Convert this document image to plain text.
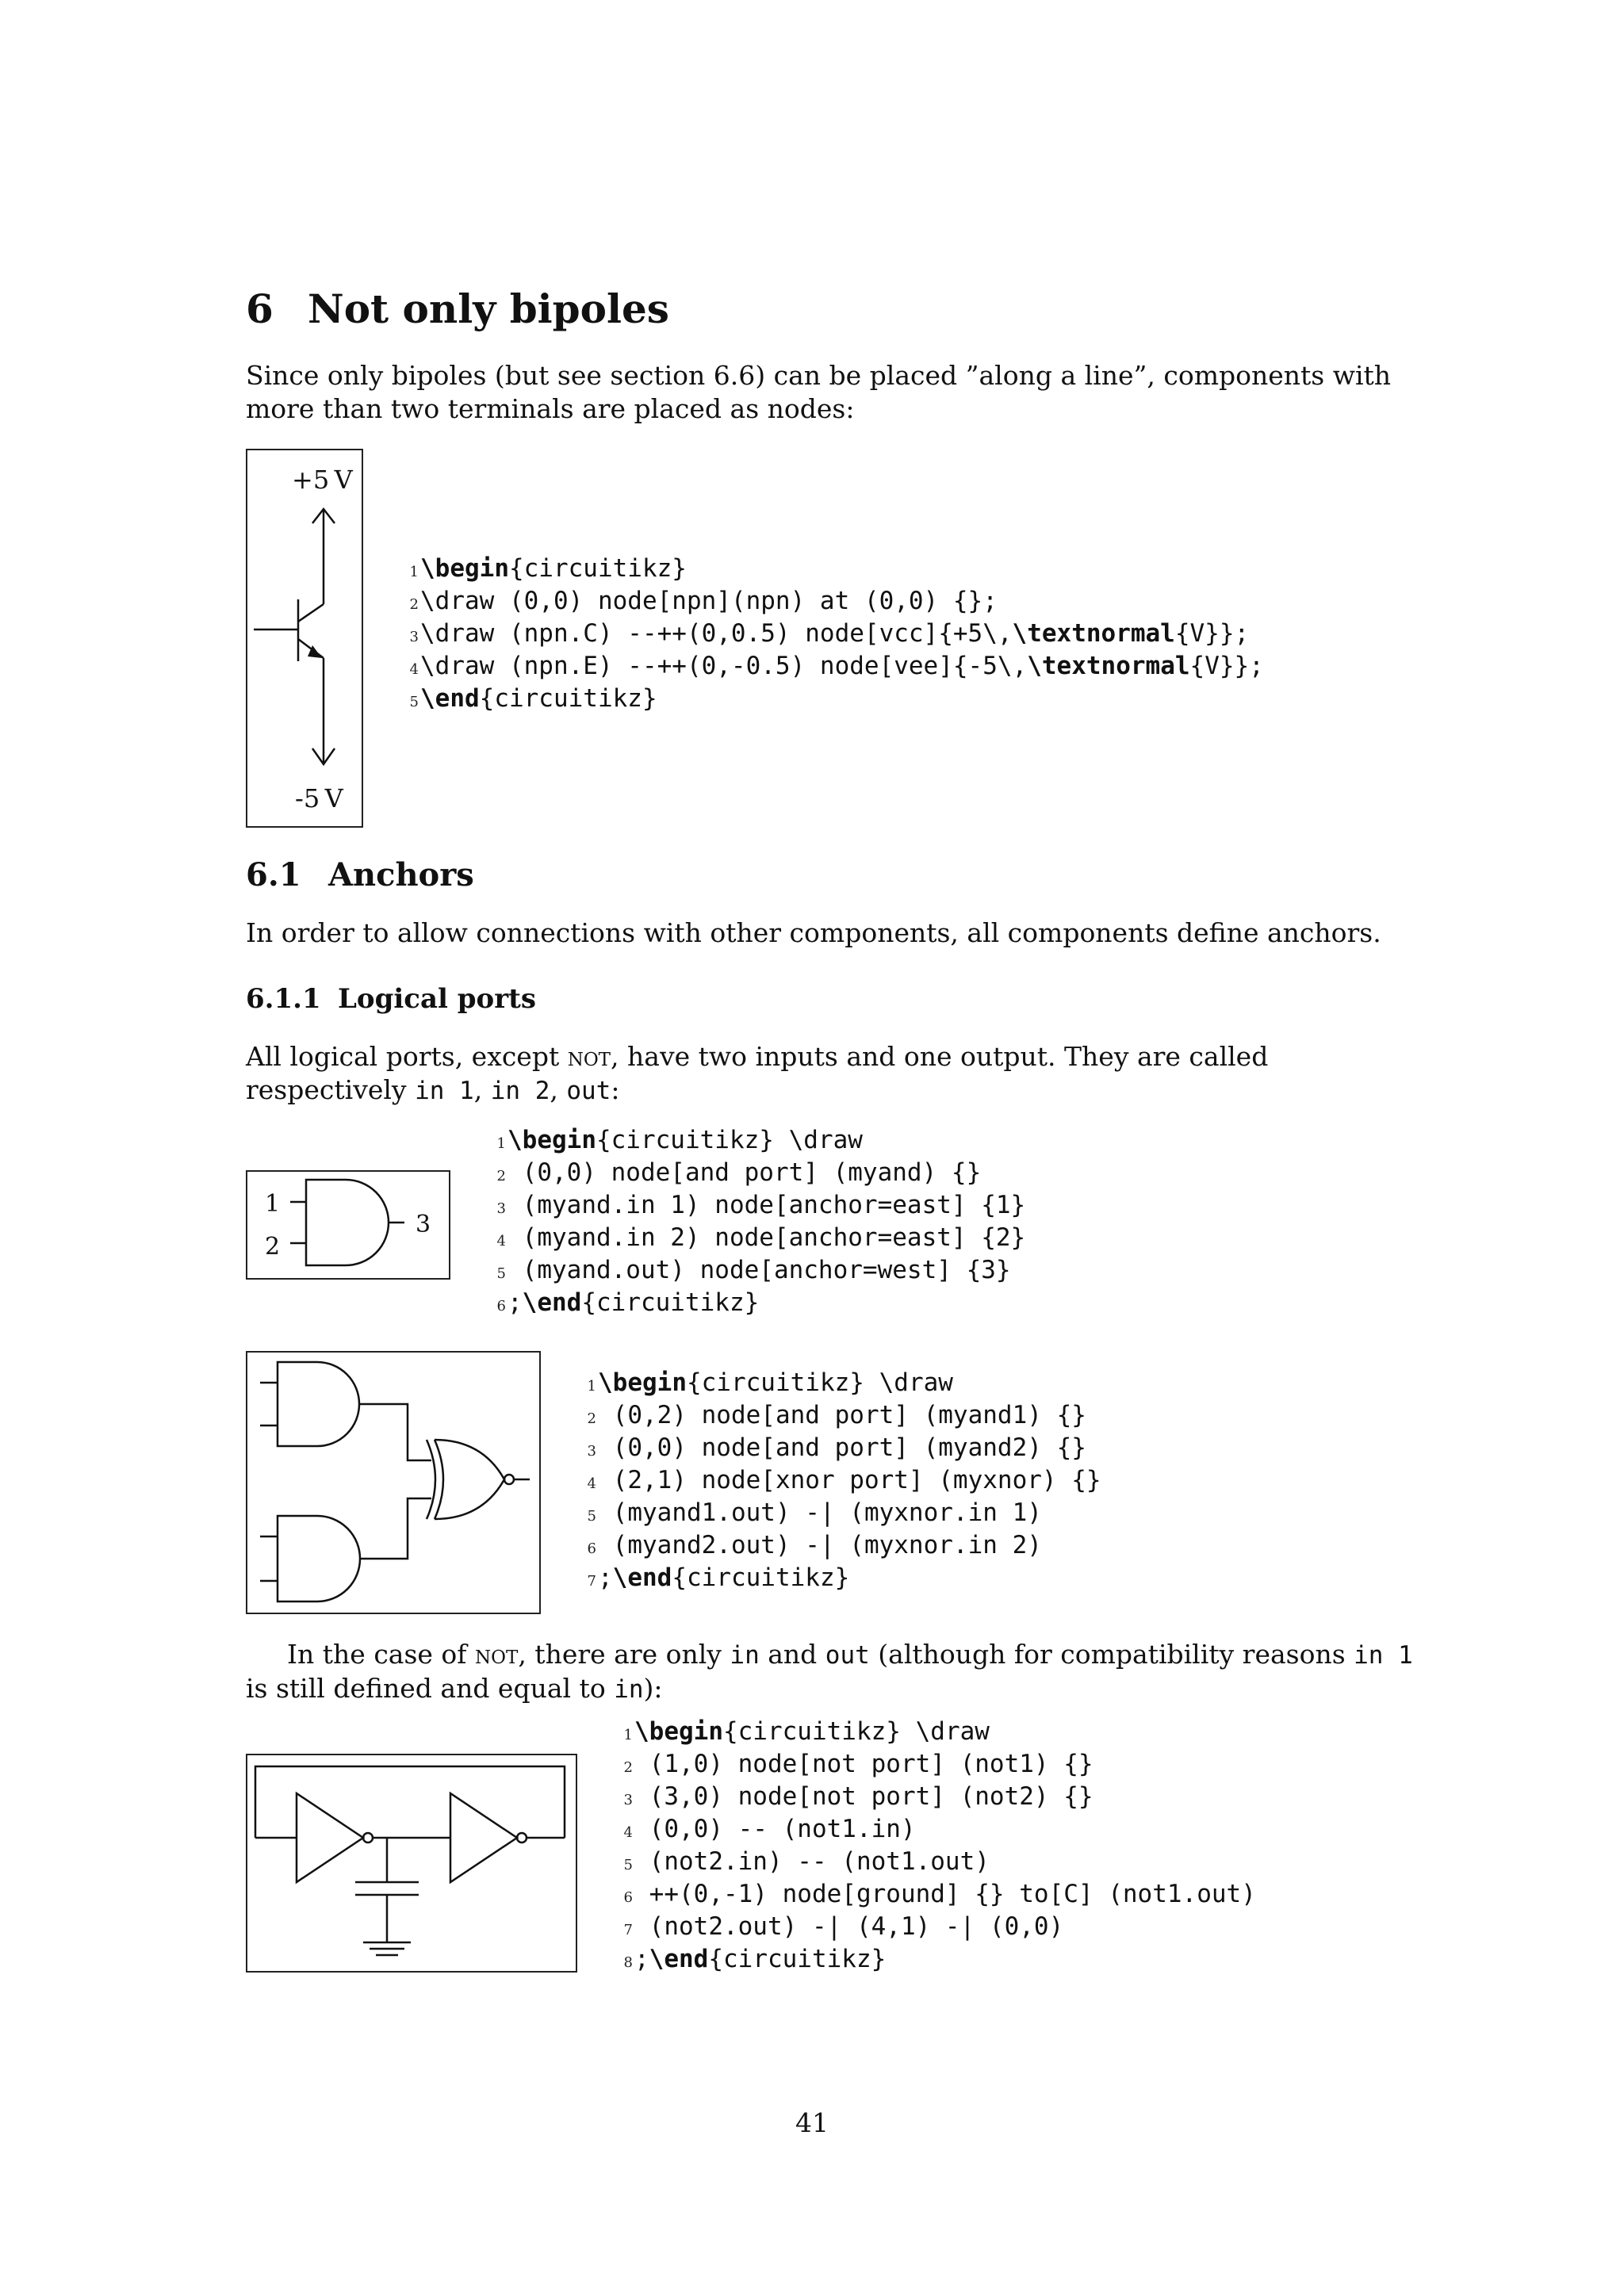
6 Not only bipoles

Since only bipoles (but see section 6.6) can be placed ”along a line”, components with more than two terminals are placed as nodes:

+5 V
-5 V
1\begin{circuitikz}
2\draw (0,0) node[npn](npn) at (0,0) {};
3\draw (npn.C) --++(0,0.5) node[vcc]{+5\,\textnormal{V}};
4\draw (npn.E) --++(0,-0.5) node[vee]{-5\,\textnormal{V}};
5\end{circuitikz}
6.1 Anchors

In order to allow connections with other components, all components define anchors.

6.1.1 Logical ports

All logical ports, except not, have two inputs and one output. They are called respectively in 1, in 2, out:

1
2
3
1\begin{circuitikz} \draw
2 (0,0) node[and port] (myand) {}
3 (myand.in 1) node[anchor=east] {1}
4 (myand.in 2) node[anchor=east] {2}
5 (myand.out) node[anchor=west] {3}
6;\end{circuitikz}
1\begin{circuitikz} \draw
2 (0,2) node[and port] (myand1) {}
3 (0,0) node[and port] (myand2) {}
4 (2,1) node[xnor port] (myxnor) {}
5 (myand1.out) -| (myxnor.in 1)
6 (myand2.out) -| (myxnor.in 2)
7;\end{circuitikz}

In the case of not, there are only in and out (although for compatibility reasons in 1 is still defined and equal to in):

1\begin{circuitikz} \draw
2 (1,0) node[not port] (not1) {}
3 (3,0) node[not port] (not2) {}
4 (0,0) -- (not1.in)
5 (not2.in) -- (not1.out)
6 ++(0,-1) node[ground] {} to[C] (not1.out)
7 (not2.out) -| (4,1) -| (0,0)
8;\end{circuitikz}
41
